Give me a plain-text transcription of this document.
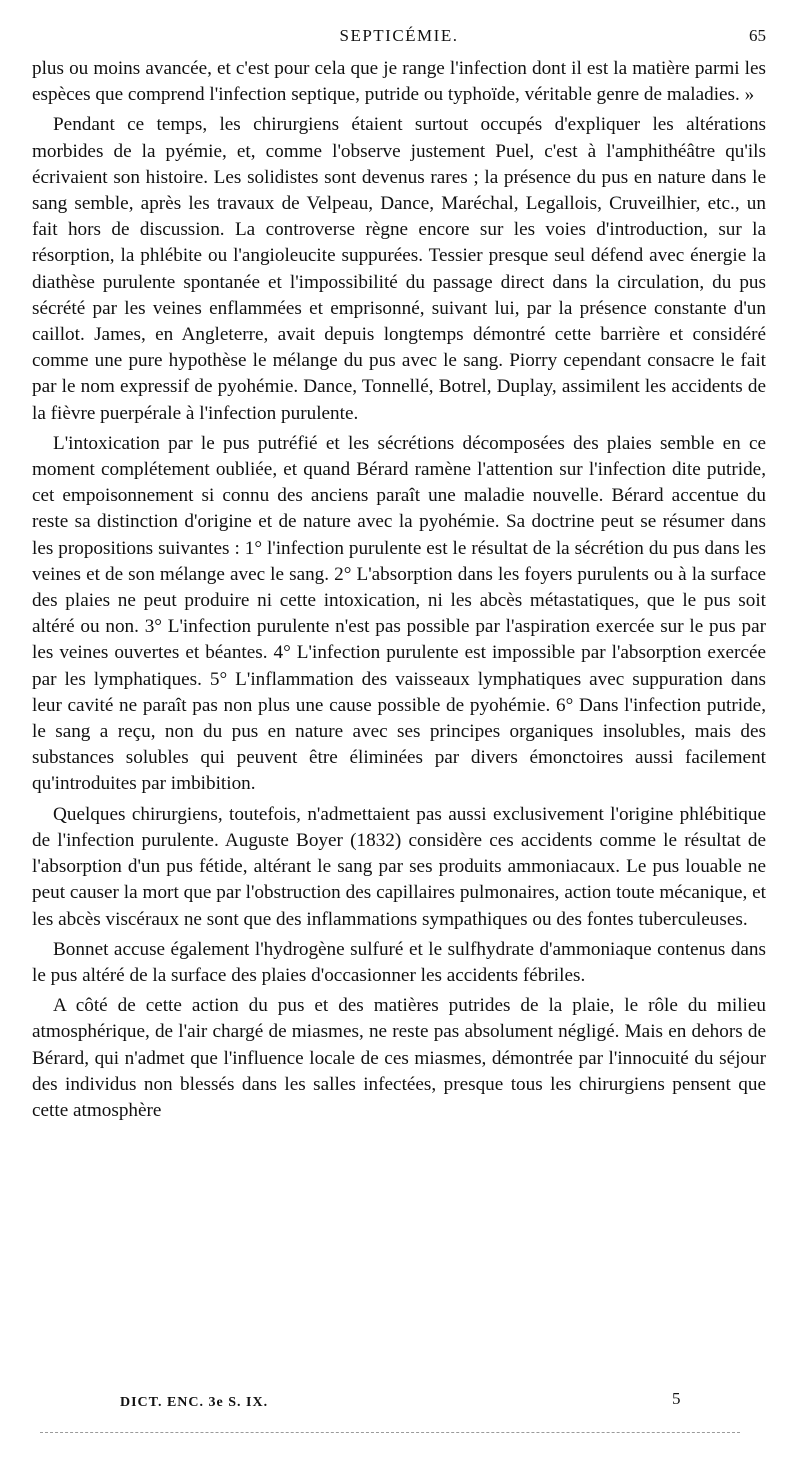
SEPTICÉMIE.	65

plus ou moins avancée, et c'est pour cela que je range l'infection dont il est la matière parmi les espèces que comprend l'infection septique, putride ou typhoïde, véritable genre de maladies. »

Pendant ce temps, les chirurgiens étaient surtout occupés d'expliquer les altérations morbides de la pyémie, et, comme l'observe justement Puel, c'est à l'amphithéâtre qu'ils écrivaient son histoire. Les solidistes sont devenus rares ; la présence du pus en nature dans le sang semble, après les travaux de Velpeau, Dance, Maréchal, Legallois, Cruveilhier, etc., un fait hors de discussion. La controverse règne encore sur les voies d'introduction, sur la résorption, la phlébite ou l'angioleucite suppurées. Tessier presque seul défend avec énergie la diathèse purulente spontanée et l'impossibilité du passage direct dans la circulation, du pus sécrété par les veines enflammées et emprisonné, suivant lui, par la présence constante d'un caillot. James, en Angleterre, avait depuis longtemps démontré cette barrière et considéré comme une pure hypothèse le mélange du pus avec le sang. Piorry cependant consacre le fait par le nom expressif de pyohémie. Dance, Tonnellé, Botrel, Duplay, assimilent les accidents de la fièvre puerpérale à l'infection purulente.

L'intoxication par le pus putréfié et les sécrétions décomposées des plaies semble en ce moment complétement oubliée, et quand Bérard ramène l'attention sur l'infection dite putride, cet empoisonnement si connu des anciens paraît une maladie nouvelle. Bérard accentue du reste sa distinction d'origine et de nature avec la pyohémie. Sa doctrine peut se résumer dans les propositions suivantes : 1° l'infection purulente est le résultat de la sécrétion du pus dans les veines et de son mélange avec le sang. 2° L'absorption dans les foyers purulents ou à la surface des plaies ne peut produire ni cette intoxication, ni les abcès métastatiques, que le pus soit altéré ou non. 3° L'infection purulente n'est pas possible par l'aspiration exercée sur le pus par les veines ouvertes et béantes. 4° L'infection purulente est impossible par l'absorption exercée par les lymphatiques. 5° L'inflammation des vaisseaux lymphatiques avec suppuration dans leur cavité ne paraît pas non plus une cause possible de pyohémie. 6° Dans l'infection putride, le sang a reçu, non du pus en nature avec ses principes organiques insolubles, mais des substances solubles qui peuvent être éliminées par divers émonctoires aussi facilement qu'introduites par imbibition.

Quelques chirurgiens, toutefois, n'admettaient pas aussi exclusivement l'origine phlébitique de l'infection purulente. Auguste Boyer (1832) considère ces accidents comme le résultat de l'absorption d'un pus fétide, altérant le sang par ses produits ammoniacaux. Le pus louable ne peut causer la mort que par l'obstruction des capillaires pulmonaires, action toute mécanique, et les abcès viscéraux ne sont que des inflammations sympathiques ou des fontes tuberculeuses.

Bonnet accuse également l'hydrogène sulfuré et le sulfhydrate d'ammoniaque contenus dans le pus altéré de la surface des plaies d'occasionner les accidents fébriles.

A côté de cette action du pus et des matières putrides de la plaie, le rôle du milieu atmosphérique, de l'air chargé de miasmes, ne reste pas absolument négligé. Mais en dehors de Bérard, qui n'admet que l'influence locale de ces miasmes, démontrée par l'innocuité du séjour des individus non blessés dans les salles infectées, presque tous les chirurgiens pensent que cette atmosphère

DICT. ENC. 3e S. IX.	5
